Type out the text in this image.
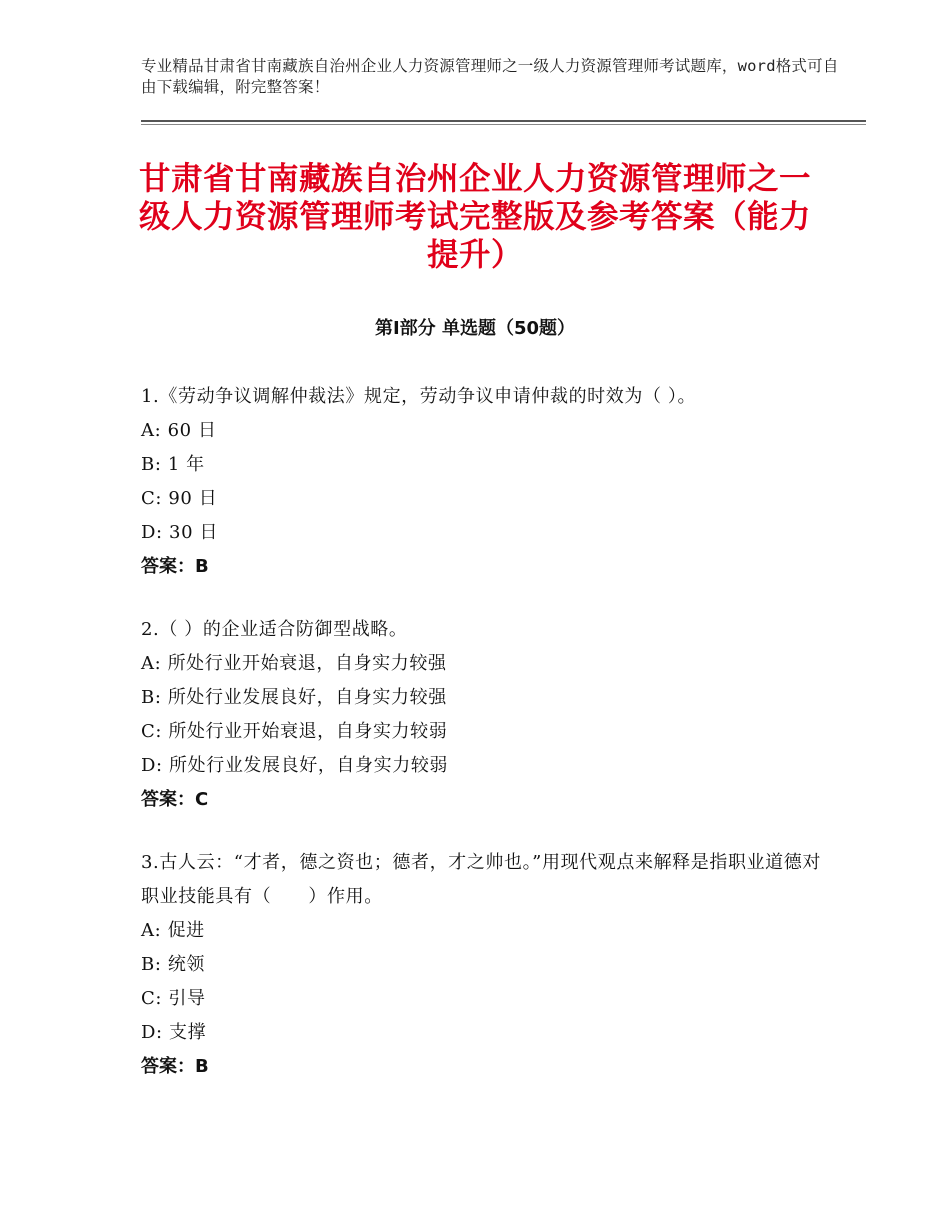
专业精品甘肃省甘南藏族自治州企业人力资源管理师之一级人力资源管理师考试题库，word格式可自由下载编辑，附完整答案！
甘肃省甘南藏族自治州企业人力资源管理师之一级人力资源管理师考试完整版及参考答案（能力提升）
第Ⅰ部分 单选题（50题）
1.《劳动争议调解仲裁法》规定，劳动争议申请仲裁的时效为（ ）。
A: 60 日
B: 1 年
C: 90 日
D: 30 日
答案：B
2.（ ）的企业适合防御型战略。
A: 所处行业开始衰退，自身实力较强
B: 所处行业发展良好，自身实力较强
C: 所处行业开始衰退，自身实力较弱
D: 所处行业发展良好，自身实力较弱
答案：C
3.古人云：“才者，德之资也；德者，才之帅也。”用现代观点来解释是指职业道德对职业技能具有（　　）作用。
A: 促进
B: 统领
C: 引导
D: 支撑
答案：B
